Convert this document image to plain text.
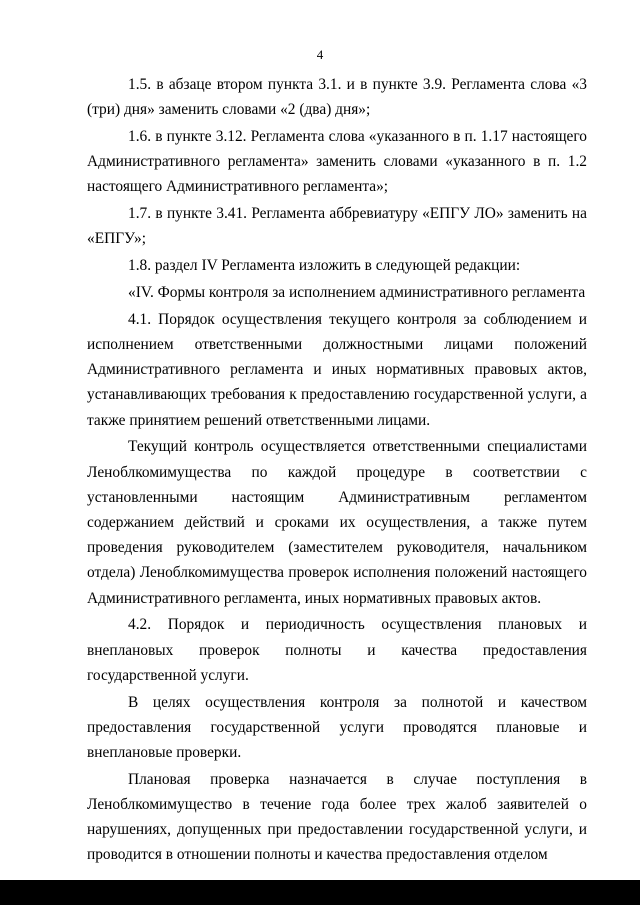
4

1.5. в абзаце втором пункта 3.1. и в пункте 3.9. Регламента слова «3 (три) дня» заменить словами «2 (два) дня»;

1.6. в пункте 3.12. Регламента слова «указанного в п. 1.17 настоящего Административного регламента» заменить словами «указанного в п. 1.2 настоящего Административного регламента»;

1.7. в пункте 3.41. Регламента аббревиатуру «ЕПГУ ЛО» заменить на «ЕПГУ»;

1.8. раздел IV Регламента изложить в следующей редакции:

«IV. Формы контроля за исполнением административного регламента

4.1. Порядок осуществления текущего контроля за соблюдением и исполнением ответственными должностными лицами положений Административного регламента и иных нормативных правовых актов, устанавливающих требования к предоставлению государственной услуги, а также принятием решений ответственными лицами.

Текущий контроль осуществляется ответственными специалистами Леноблкомимущества по каждой процедуре в соответствии с установленными настоящим Административным регламентом содержанием действий и сроками их осуществления, а также путем проведения руководителем (заместителем руководителя, начальником отдела) Леноблкомимущества проверок исполнения положений настоящего Административного регламента, иных нормативных правовых актов.

4.2. Порядок и периодичность осуществления плановых и внеплановых проверок полноты и качества предоставления государственной услуги.

В целях осуществления контроля за полнотой и качеством предоставления государственной услуги проводятся плановые и внеплановые проверки.

Плановая проверка назначается в случае поступления в Леноблкомимущество в течение года более трех жалоб заявителей о нарушениях, допущенных при предоставлении государственной услуги, и проводится в отношении полноты и качества предоставления отделом
